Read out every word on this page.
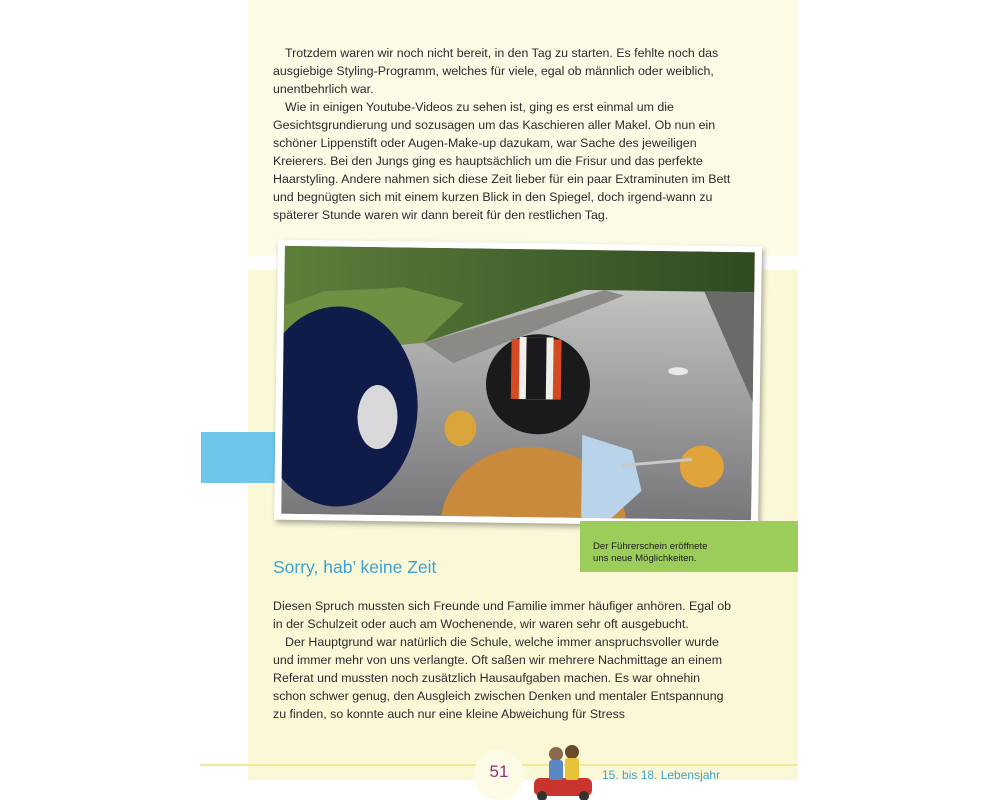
Trotzdem waren wir noch nicht bereit, in den Tag zu starten. Es fehlte noch das ausgiebige Styling-Programm, welches für viele, egal ob männlich oder weiblich, unentbehrlich war.

Wie in einigen Youtube-Videos zu sehen ist, ging es erst einmal um die Gesichtsgrundierung und sozusagen um das Kaschieren aller Makel. Ob nun ein schöner Lippenstift oder Augen-Make-up dazukam, war Sache des jeweiligen Kreierers. Bei den Jungs ging es hauptsächlich um die Frisur und das perfekte Haarstyling. Andere nahmen sich diese Zeit lieber für ein paar Extraminuten im Bett und begnügten sich mit einem kurzen Blick in den Spiegel, doch irgend-wann zu späterer Stunde waren wir dann bereit für den restlichen Tag.

Der Führerschein eröffnete

uns neue Möglichkeiten.

Sorry, hab’ keine Zeit

Diesen Spruch mussten sich Freunde und Familie immer häufiger anhören. Egal ob in der Schulzeit oder auch am Wochenende, wir waren sehr oft ausgebucht.

Der Hauptgrund war natürlich die Schule, welche immer anspruchsvoller wurde und immer mehr von uns verlangte. Oft saßen wir mehrere Nachmittage an einem Referat und mussten noch zusätzlich Hausaufgaben machen. Es war ohnehin schon schwer genug, den Ausgleich zwischen Denken und mentaler Entspannung zu finden, so konnte auch nur eine kleine Abweichung für Stress

51	15. bis 18. Lebensjahr
